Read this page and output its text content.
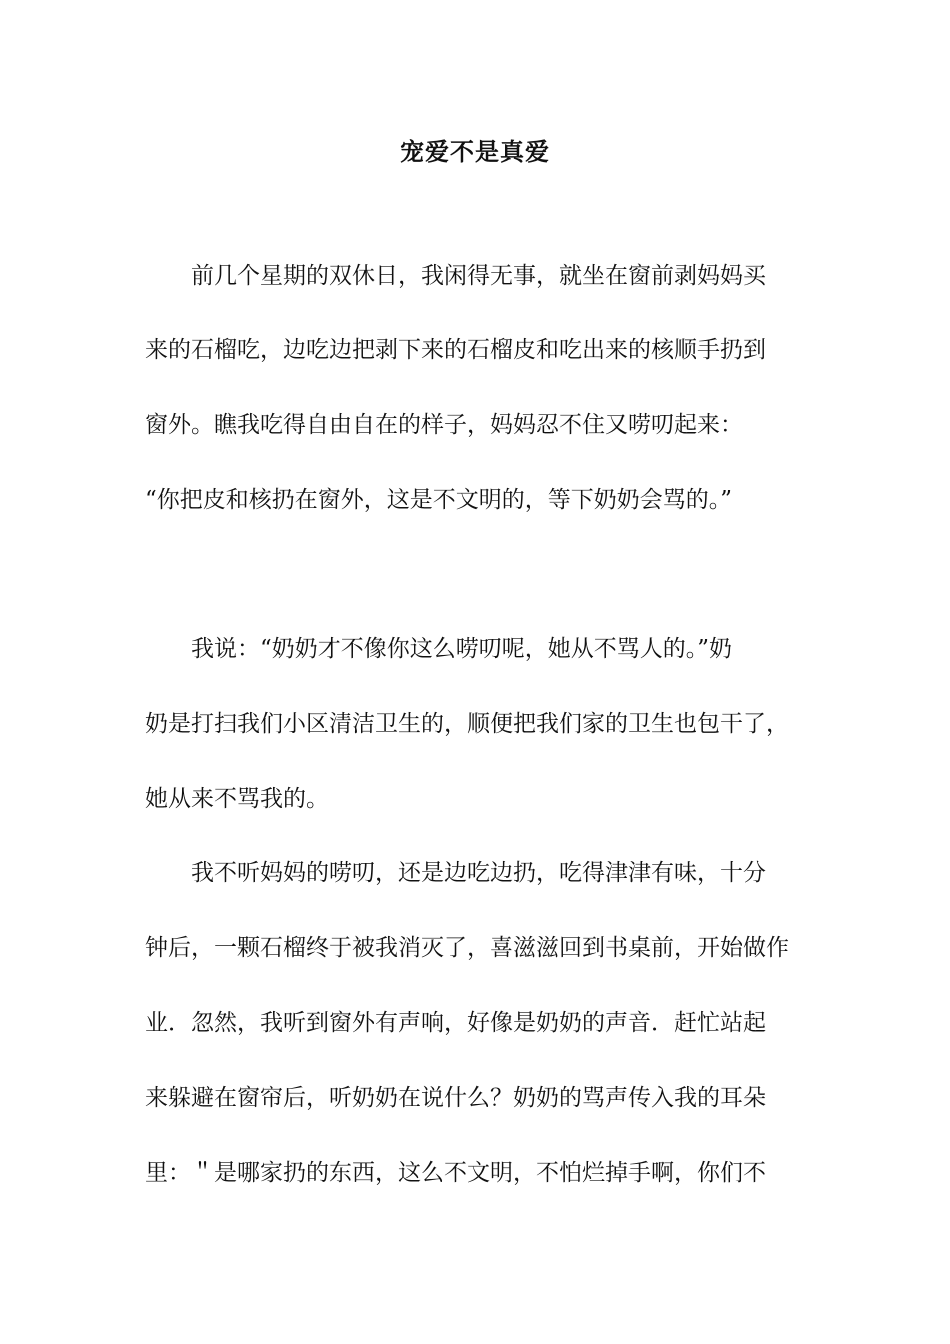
宠爱不是真爱

　　前几个星期的双休日，我闲得无事，就坐在窗前剥妈妈买

来的石榴吃，边吃边把剥下来的石榴皮和吃出来的核顺手扔到

窗外。瞧我吃得自由自在的样子，妈妈忍不住又唠叨起来：

“你把皮和核扔在窗外，这是不文明的，等下奶奶会骂的。”

　　我说：“奶奶才不像你这么唠叨呢，她从不骂人的。”奶

奶是打扫我们小区清洁卫生的，顺便把我们家的卫生也包干了，

她从来不骂我的。

　　我不听妈妈的唠叨，还是边吃边扔，吃得津津有味，十分

钟后，一颗石榴终于被我消灭了，喜滋滋回到书桌前，开始做作

业．忽然，我听到窗外有声响，好像是奶奶的声音．赶忙站起

来躲避在窗帘后，听奶奶在说什么？奶奶的骂声传入我的耳朵

里：＂是哪家扔的东西，这么不文明，不怕烂掉手啊，你们不
